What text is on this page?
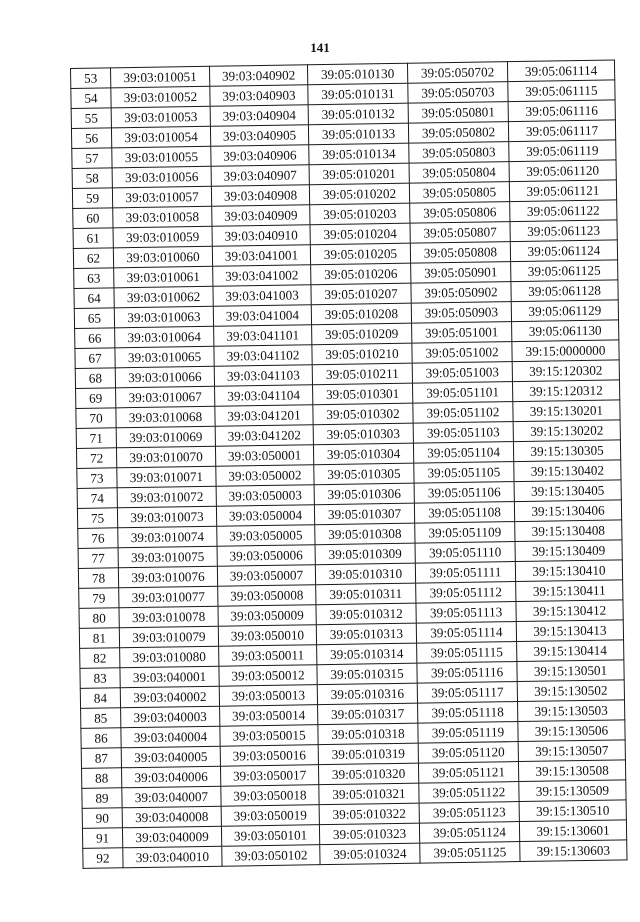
141
53	39:03:010051	39:03:040902	39:05:010130	39:05:050702	39:05:061114
54	39:03:010052	39:03:040903	39:05:010131	39:05:050703	39:05:061115
55	39:03:010053	39:03:040904	39:05:010132	39:05:050801	39:05:061116
56	39:03:010054	39:03:040905	39:05:010133	39:05:050802	39:05:061117
57	39:03:010055	39:03:040906	39:05:010134	39:05:050803	39:05:061119
58	39:03:010056	39:03:040907	39:05:010201	39:05:050804	39:05:061120
59	39:03:010057	39:03:040908	39:05:010202	39:05:050805	39:05:061121
60	39:03:010058	39:03:040909	39:05:010203	39:05:050806	39:05:061122
61	39:03:010059	39:03:040910	39:05:010204	39:05:050807	39:05:061123
62	39:03:010060	39:03:041001	39:05:010205	39:05:050808	39:05:061124
63	39:03:010061	39:03:041002	39:05:010206	39:05:050901	39:05:061125
64	39:03:010062	39:03:041003	39:05:010207	39:05:050902	39:05:061128
65	39:03:010063	39:03:041004	39:05:010208	39:05:050903	39:05:061129
66	39:03:010064	39:03:041101	39:05:010209	39:05:051001	39:05:061130
67	39:03:010065	39:03:041102	39:05:010210	39:05:051002	39:15:0000000
68	39:03:010066	39:03:041103	39:05:010211	39:05:051003	39:15:120302
69	39:03:010067	39:03:041104	39:05:010301	39:05:051101	39:15:120312
70	39:03:010068	39:03:041201	39:05:010302	39:05:051102	39:15:130201
71	39:03:010069	39:03:041202	39:05:010303	39:05:051103	39:15:130202
72	39:03:010070	39:03:050001	39:05:010304	39:05:051104	39:15:130305
73	39:03:010071	39:03:050002	39:05:010305	39:05:051105	39:15:130402
74	39:03:010072	39:03:050003	39:05:010306	39:05:051106	39:15:130405
75	39:03:010073	39:03:050004	39:05:010307	39:05:051108	39:15:130406
76	39:03:010074	39:03:050005	39:05:010308	39:05:051109	39:15:130408
77	39:03:010075	39:03:050006	39:05:010309	39:05:051110	39:15:130409
78	39:03:010076	39:03:050007	39:05:010310	39:05:051111	39:15:130410
79	39:03:010077	39:03:050008	39:05:010311	39:05:051112	39:15:130411
80	39:03:010078	39:03:050009	39:05:010312	39:05:051113	39:15:130412
81	39:03:010079	39:03:050010	39:05:010313	39:05:051114	39:15:130413
82	39:03:010080	39:03:050011	39:05:010314	39:05:051115	39:15:130414
83	39:03:040001	39:03:050012	39:05:010315	39:05:051116	39:15:130501
84	39:03:040002	39:03:050013	39:05:010316	39:05:051117	39:15:130502
85	39:03:040003	39:03:050014	39:05:010317	39:05:051118	39:15:130503
86	39:03:040004	39:03:050015	39:05:010318	39:05:051119	39:15:130506
87	39:03:040005	39:03:050016	39:05:010319	39:05:051120	39:15:130507
88	39:03:040006	39:03:050017	39:05:010320	39:05:051121	39:15:130508
89	39:03:040007	39:03:050018	39:05:010321	39:05:051122	39:15:130509
90	39:03:040008	39:03:050019	39:05:010322	39:05:051123	39:15:130510
91	39:03:040009	39:03:050101	39:05:010323	39:05:051124	39:15:130601
92	39:03:040010	39:03:050102	39:05:010324	39:05:051125	39:15:130603
